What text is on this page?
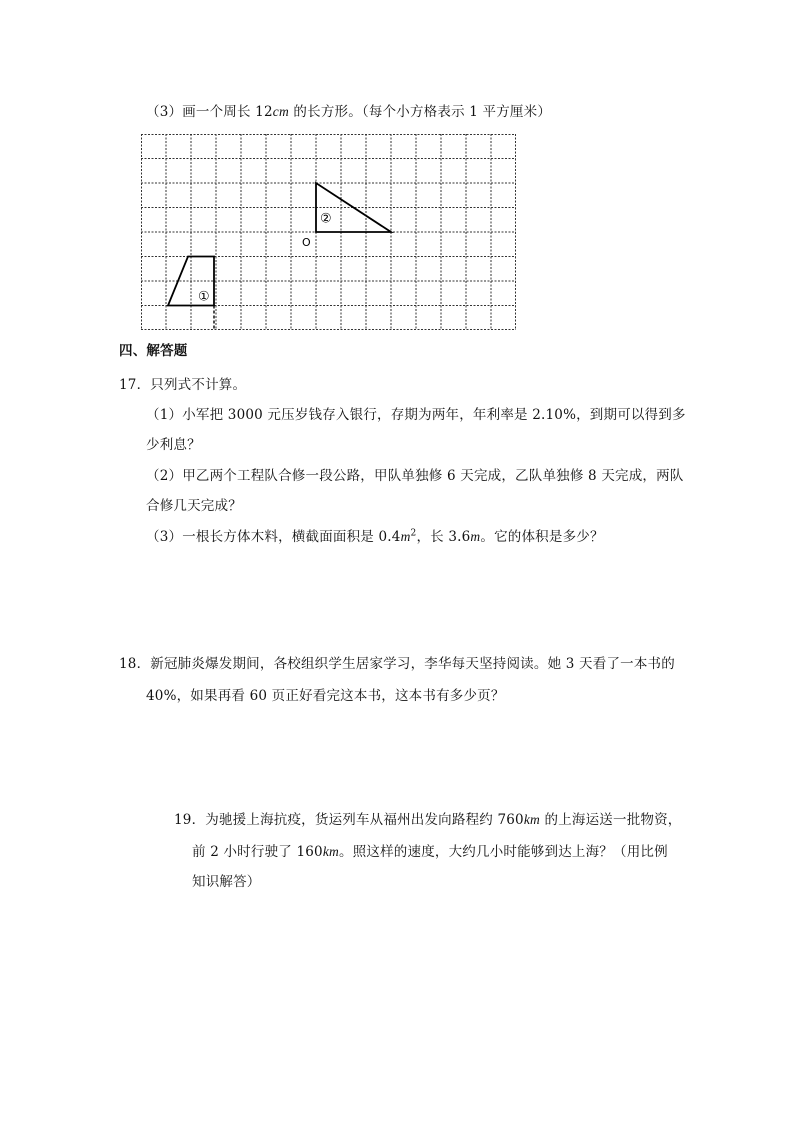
（3）画一个周长 12cm 的长方形。（每个小方格表示 1 平方厘米）
①
②
O
四、解答题
17．只列式不计算。
（1）小军把 3000 元压岁钱存入银行，存期为两年，年利率是 2.10%，到期可以得到多
少利息？
（2）甲乙两个工程队合修一段公路，甲队单独修 6 天完成，乙队单独修 8 天完成，两队
合修几天完成？
（3）一根长方体木料，横截面面积是 $0.4m^2$，长 3.6m。它的体积是多少？
18．新冠肺炎爆发期间，各校组织学生居家学习，李华每天坚持阅读。她 3 天看了一本书的
40%，如果再看 60 页正好看完这本书，这本书有多少页？
19．为驰援上海抗疫，货运列车从福州出发向路程约 760km 的上海运送一批物资，
前 2 小时行驶了 160km。照这样的速度，大约几小时能够到达上海？（用比例
知识解答）
